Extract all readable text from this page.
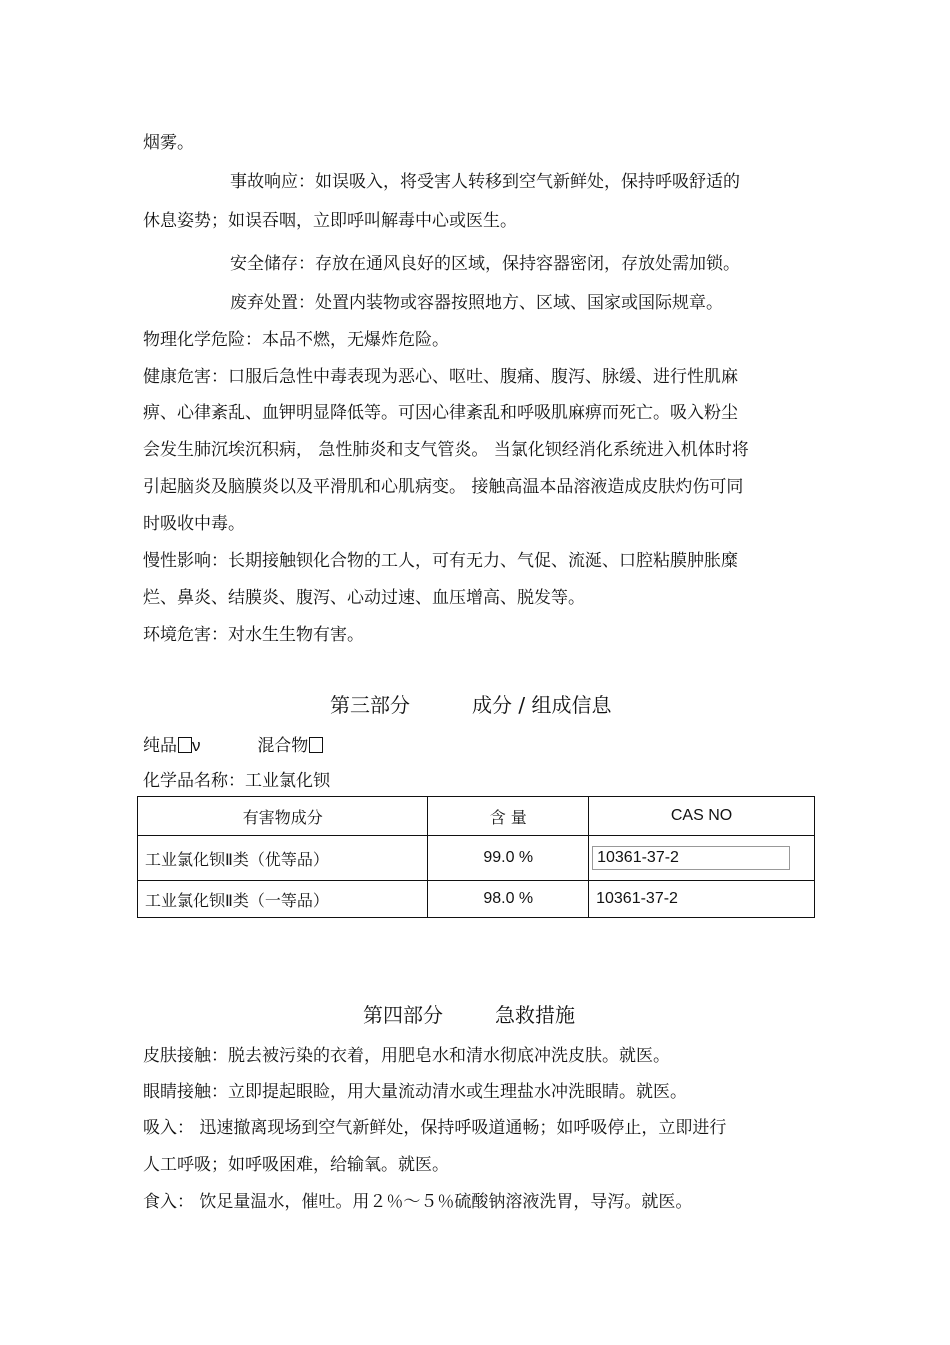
烟雾。
事故响应：如误吸入，将受害人转移到空气新鲜处，保持呼吸舒适的
休息姿势；如误吞咽，立即呼叫解毒中心或医生。
安全储存：存放在通风良好的区域，保持容器密闭，存放处需加锁。
废弃处置：处置内装物或容器按照地方、区域、国家或国际规章。
物理化学危险：本品不燃，无爆炸危险。
健康危害：口服后急性中毒表现为恶心、呕吐、腹痛、腹泻、脉缓、进行性肌麻
痹、心律紊乱、血钾明显降低等。可因心律紊乱和呼吸肌麻痹而死亡。吸入粉尘
会发生肺沉埃沉积病， 急性肺炎和支气管炎。 当氯化钡经消化系统进入机体时将
引起脑炎及脑膜炎以及平滑肌和心肌病变。 接触高温本品溶液造成皮肤灼伤可同
时吸收中毒。
慢性影响：长期接触钡化合物的工人，可有无力、气促、流涎、口腔粘膜肿胀糜
烂、鼻炎、结膜炎、腹泻、心动过速、血压增高、脱发等。
环境危害：对水生生物有害。
第三部分	成分 / 组成信息
纯品 ν	混合物
化学品名称：工业氯化钡
有害物成分	含 量	CAS NO
工业氯化钡Ⅱ类（优等品）	99.0 %	10361-37-2
工业氯化钡Ⅱ类（一等品）	98.0 %	10361-37-2
第四部分	急救措施
皮肤接触：脱去被污染的衣着，用肥皂水和清水彻底冲洗皮肤。就医。
眼睛接触：立即提起眼睑，用大量流动清水或生理盐水冲洗眼睛。就医。
吸入： 迅速撤离现场到空气新鲜处，保持呼吸道通畅；如呼吸停止，立即进行
人工呼吸；如呼吸困难，给输氧。就医。
食入： 饮足量温水，催吐。用２％～５％硫酸钠溶液洗胃，导泻。就医。
